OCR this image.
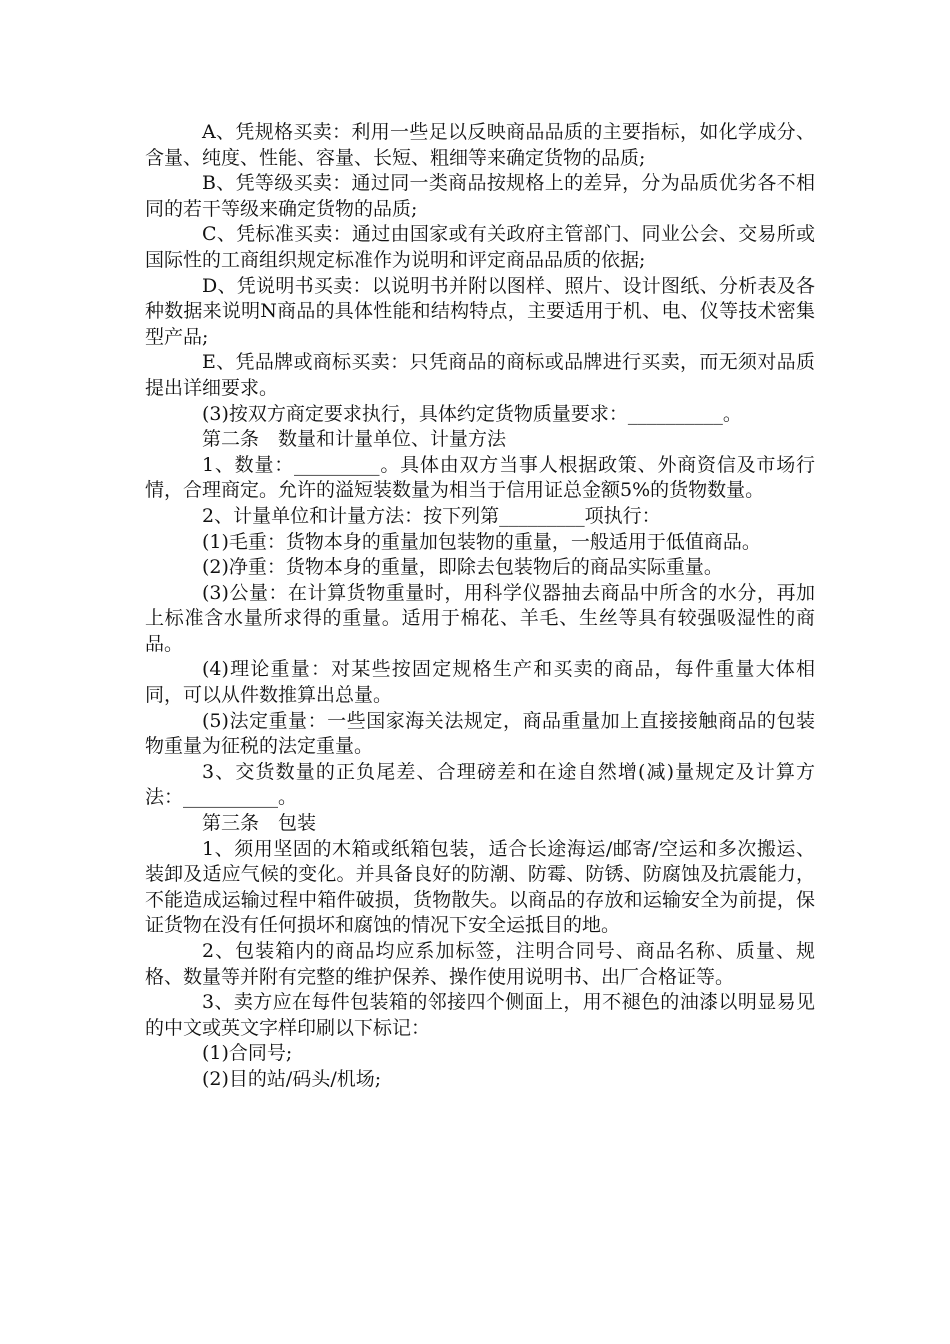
A、凭规格买卖：利用一些足以反映商品品质的主要指标，如化学成分、含量、纯度、性能、容量、长短、粗细等来确定货物的品质;

B、凭等级买卖：通过同一类商品按规格上的差异，分为品质优劣各不相同的若干等级来确定货物的品质;

C、凭标准买卖：通过由国家或有关政府主管部门、同业公会、交易所或国际性的工商组织规定标准作为说明和评定商品品质的依据;

D、凭说明书买卖：以说明书并附以图样、照片、设计图纸、分析表及各种数据来说明N商品的具体性能和结构特点，主要适用于机、电、仪等技术密集型产品;

E、凭品牌或商标买卖：只凭商品的商标或品牌进行买卖，而无须对品质提出详细要求。

(3)按双方商定要求执行，具体约定货物质量要求：__________。

第二条　数量和计量单位、计量方法

1、数量：_________。具体由双方当事人根据政策、外商资信及市场行情，合理商定。允许的溢短装数量为相当于信用证总金额5%的货物数量。

2、计量单位和计量方法：按下列第_________项执行：

(1)毛重：货物本身的重量加包装物的重量，一般适用于低值商品。

(2)净重：货物本身的重量，即除去包装物后的商品实际重量。

(3)公量：在计算货物重量时，用科学仪器抽去商品中所含的水分，再加上标准含水量所求得的重量。适用于棉花、羊毛、生丝等具有较强吸湿性的商品。

(4)理论重量：对某些按固定规格生产和买卖的商品，每件重量大体相同，可以从件数推算出总量。

(5)法定重量：一些国家海关法规定，商品重量加上直接接触商品的包装物重量为征税的法定重量。

3、交货数量的正负尾差、合理磅差和在途自然增(减)量规定及计算方法：__________。

第三条　包装

1、须用坚固的木箱或纸箱包装，适合长途海运/邮寄/空运和多次搬运、装卸及适应气候的变化。并具备良好的防潮、防霉、防锈、防腐蚀及抗震能力，不能造成运输过程中箱件破损，货物散失。以商品的存放和运输安全为前提，保证货物在没有任何损坏和腐蚀的情况下安全运抵目的地。

2、包装箱内的商品均应系加标签，注明合同号、商品名称、质量、规格、数量等并附有完整的维护保养、操作使用说明书、出厂合格证等。

3、卖方应在每件包装箱的邻接四个侧面上，用不褪色的油漆以明显易见的中文或英文字样印刷以下标记：

(1)合同号;

(2)目的站/码头/机场;
